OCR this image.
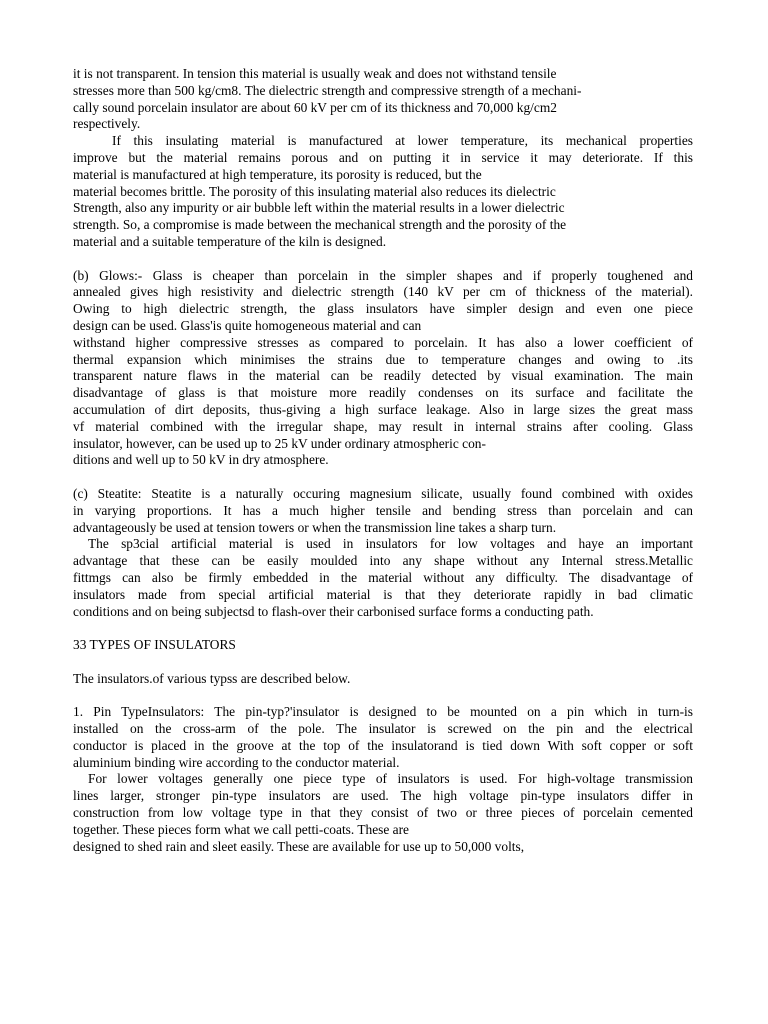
it is not transparent. In tension this material is usually weak and does not withstand tensile
stresses more than 500 kg/cm8. The dielectric strength and compressive strength of a mechani-
cally sound porcelain insulator are about 60 kV per cm of its thickness and 70,000 kg/cm2
respectively.

If this insulating material is manufactured at lower temperature, its mechanical properties
improve but the material remains porous and on putting it in service it may deteriorate. If this
material is manufactured at high temperature, its porosity is reduced, but the
material becomes brittle. The porosity of this insulating material also reduces its dielectric
Strength, also any impurity or air bubble left within the material results in a lower dielectric
strength. So, a compromise is made between the mechanical strength and the porosity of the
material and a suitable temperature of the kiln is designed.

(b) Glows:- Glass is cheaper than porcelain in the simpler shapes and if properly toughened and
annealed gives high resistivity and dielectric strength (140 kV per cm of thickness of the material).
Owing to high dielectric strength, the glass insulators have simpler design and even one piece
design can be used. Glass'is quite homogeneous material and can
withstand higher compressive stresses as compared to porcelain. It has also a lower coefficient of
thermal expansion which minimises the strains due to temperature changes and owing to .its
transparent nature flaws in the material can be readily detected by visual examination. The main
disadvantage of glass is that moisture more readily condenses on its surface and facilitate the
accumulation of dirt deposits, thus-giving a high surface leakage. Also in large sizes the great mass
vf material combined with the irregular shape, may result in internal strains after cooling. Glass
insulator, however, can be used up to 25 kV under ordinary atmospheric con-
ditions and well up to 50 kV in dry atmosphere.

(c) Steatite: Steatite is a naturally occuring magnesium silicate, usually found combined with oxides
in varying proportions. It has a much higher tensile and bending stress than porcelain and can
advantageously be used at tension towers or when the transmission line takes a sharp turn.

The sp3cial artificial material is used in insulators for low voltages and haye an important
advantage that these can be easily moulded into any shape without any Internal stress.Metallic
fittmgs can also be firmly embedded in the material without any difficulty. The disadvantage of
insulators made from special artificial material is that they deteriorate rapidly in bad climatic
conditions and on being subjectsd to flash-over their carbonised surface forms a conducting path.

33 TYPES OF INSULATORS

The insulators.of various typss are described below.

1. Pin TypeInsulators: The pin-typ?'insulator is designed to be mounted on a pin which in turn-is
installed on the cross-arm of the pole. The insulator is screwed on the pin and the electrical
conductor is placed in the groove at the top of the insulatorand is tied down With soft copper or soft
aluminium binding wire according to the conductor material.

For lower voltages generally one piece type of insulators is used. For high-voltage transmission
lines larger, stronger pin-type insulators are used. The high voltage pin-type insulators differ in
construction from low voltage type in that they consist of two or three pieces of porcelain cemented
together. These pieces form what we call petti-coats. These are
designed to shed rain and sleet easily. These are available for use up to 50,000 volts,
